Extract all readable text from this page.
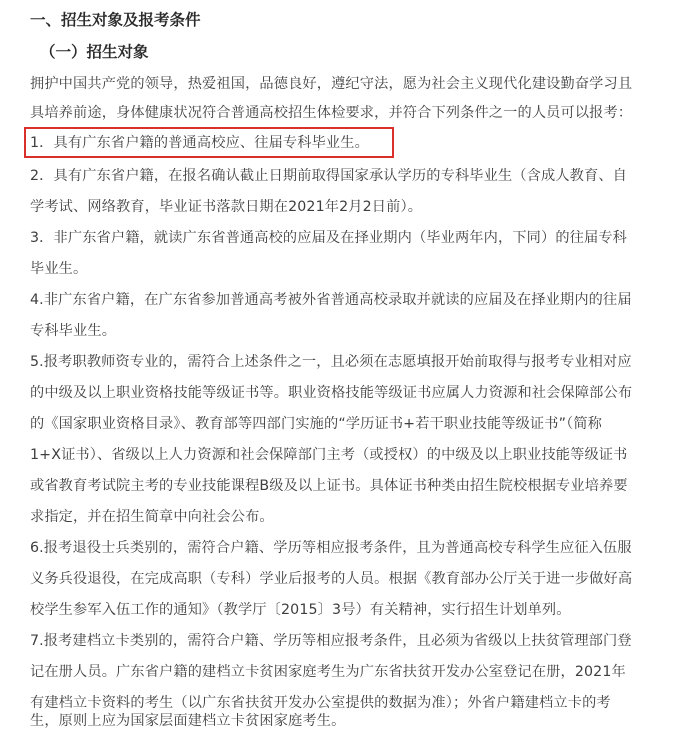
一、招生对象及报考条件
（一）招生对象
拥护中国共产党的领导，热爱祖国，品德良好，遵纪守法，愿为社会主义现代化建设勤奋学习且
具培养前途，身体健康状况符合普通高校招生体检要求，并符合下列条件之一的人员可以报考：
1．具有广东省户籍的普通高校应、往届专科毕业生。
2．具有广东省户籍，在报名确认截止日期前取得国家承认学历的专科毕业生（含成人教育、自
学考试、网络教育，毕业证书落款日期在2021年2月2日前）。
3．非广东省户籍，就读广东省普通高校的应届及在择业期内（毕业两年内，下同）的往届专科
毕业生。
4.非广东省户籍，在广东省参加普通高考被外省普通高校录取并就读的应届及在择业期内的往届
专科毕业生。
5.报考职教师资专业的，需符合上述条件之一，且必须在志愿填报开始前取得与报考专业相对应
的中级及以上职业资格技能等级证书等。职业资格技能等级证书应属人力资源和社会保障部公布
的《国家职业资格目录》、教育部等四部门实施的“学历证书+若干职业技能等级证书”（简称
1+X证书）、省级以上人力资源和社会保障部门主考（或授权）的中级及以上职业技能等级证书
或省教育考试院主考的专业技能课程B级及以上证书。具体证书种类由招生院校根据专业培养要
求指定，并在招生简章中向社会公布。
6.报考退役士兵类别的，需符合户籍、学历等相应报考条件，且为普通高校专科学生应征入伍服
义务兵役退役，在完成高职（专科）学业后报考的人员。根据《教育部办公厅关于进一步做好高
校学生参军入伍工作的通知》（教学厅〔2015〕3号）有关精神，实行招生计划单列。
7.报考建档立卡类别的，需符合户籍、学历等相应报考条件，且必须为省级以上扶贫管理部门登
记在册人员。广东省户籍的建档立卡贫困家庭考生为广东省扶贫开发办公室登记在册，2021年
有建档立卡资料的考生（以广东省扶贫开发办公室提供的数据为准）；外省户籍建档立卡的考
生，原则上应为国家层面建档立卡贫困家庭考生。
